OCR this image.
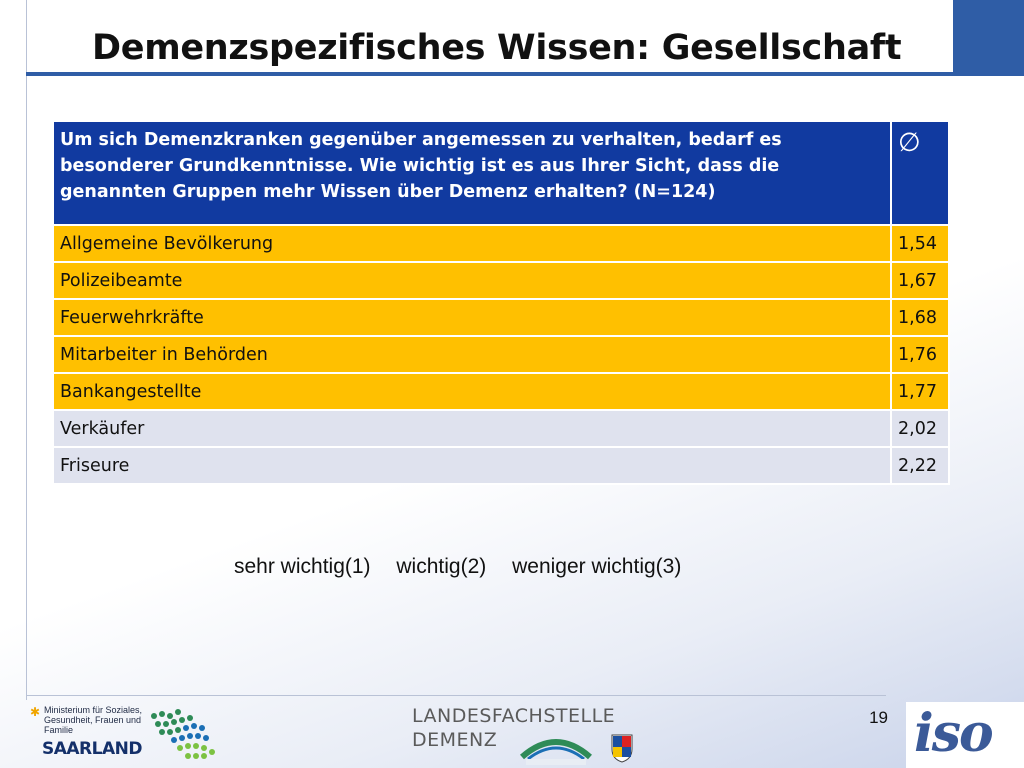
Demenzspezifisches Wissen: Gesellschaft
Um sich Demenzkranken gegenüber angemessen zu verhalten, bedarf es besonderer Grundkenntnisse. Wie wichtig ist es aus Ihrer Sicht, dass die genannten Gruppen mehr Wissen über Demenz erhalten? (N=124)	∅
Allgemeine Bevölkerung	1,54
Polizeibeamte	1,67
Feuerwehrkräfte	1,68
Mitarbeiter in Behörden	1,76
Bankangestellte	1,77
Verkäufer	2,02
Friseure	2,22
sehr wichtig(1) wichtig(2) weniger wichtig(3)
✱ Ministerium für Soziales, Gesundheit, Frauen und Familie
SAARLAND
LANDESFACHSTELLE
DEMENZ
19 iso
